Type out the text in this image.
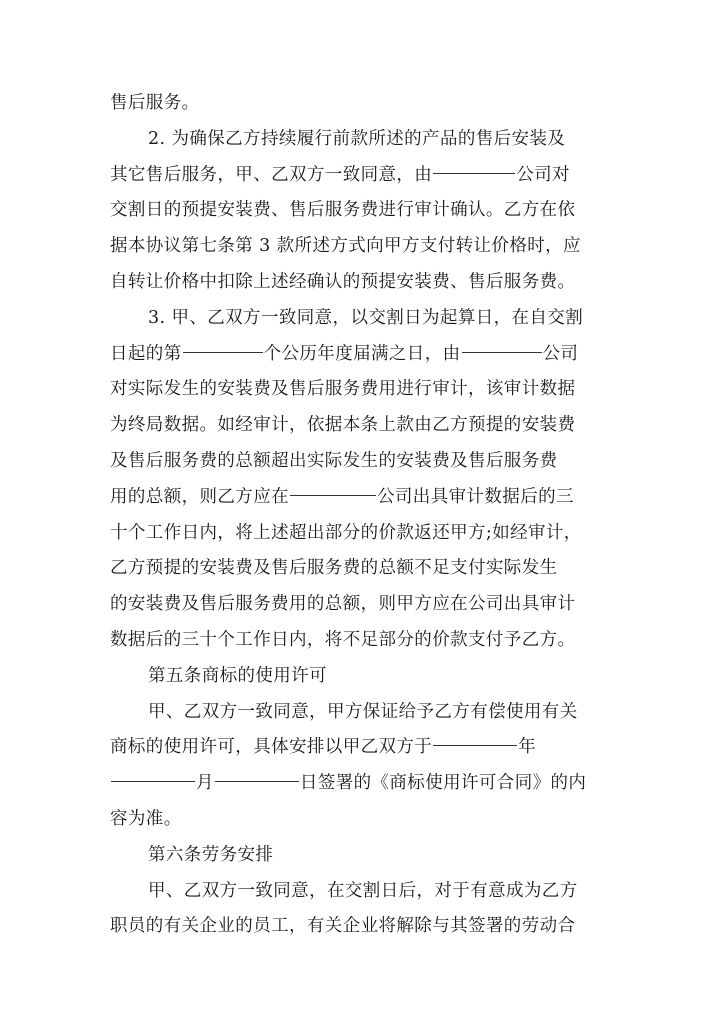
售后服务。
2. 为确保乙方持续履行前款所述的产品的售后安装及
其它售后服务，甲、乙双方一致同意，由	公司对
交割日的预提安装费、售后服务费进行审计确认。乙方在依
据本协议第七条第 3 款所述方式向甲方支付转让价格时，应
自转让价格中扣除上述经确认的预提安装费、售后服务费。
3. 甲、乙双方一致同意，以交割日为起算日，在自交割
日起的第	个公历年度届满之日，由	公司
对实际发生的安装费及售后服务费用进行审计，该审计数据
为终局数据。如经审计，依据本条上款由乙方预提的安装费
及售后服务费的总额超出实际发生的安装费及售后服务费
用的总额，则乙方应在	公司出具审计数据后的三
十个工作日内，将上述超出部分的价款返还甲方;如经审计，
乙方预提的安装费及售后服务费的总额不足支付实际发生
的安装费及售后服务费用的总额，则甲方应在公司出具审计
数据后的三十个工作日内，将不足部分的价款支付予乙方。
第五条商标的使用许可
甲、乙双方一致同意，甲方保证给予乙方有偿使用有关
商标的使用许可，具体安排以甲乙双方于	年
月	日签署的《商标使用许可合同》的内
容为准。
第六条劳务安排
甲、乙双方一致同意，在交割日后，对于有意成为乙方
职员的有关企业的员工，有关企业将解除与其签署的劳动合
